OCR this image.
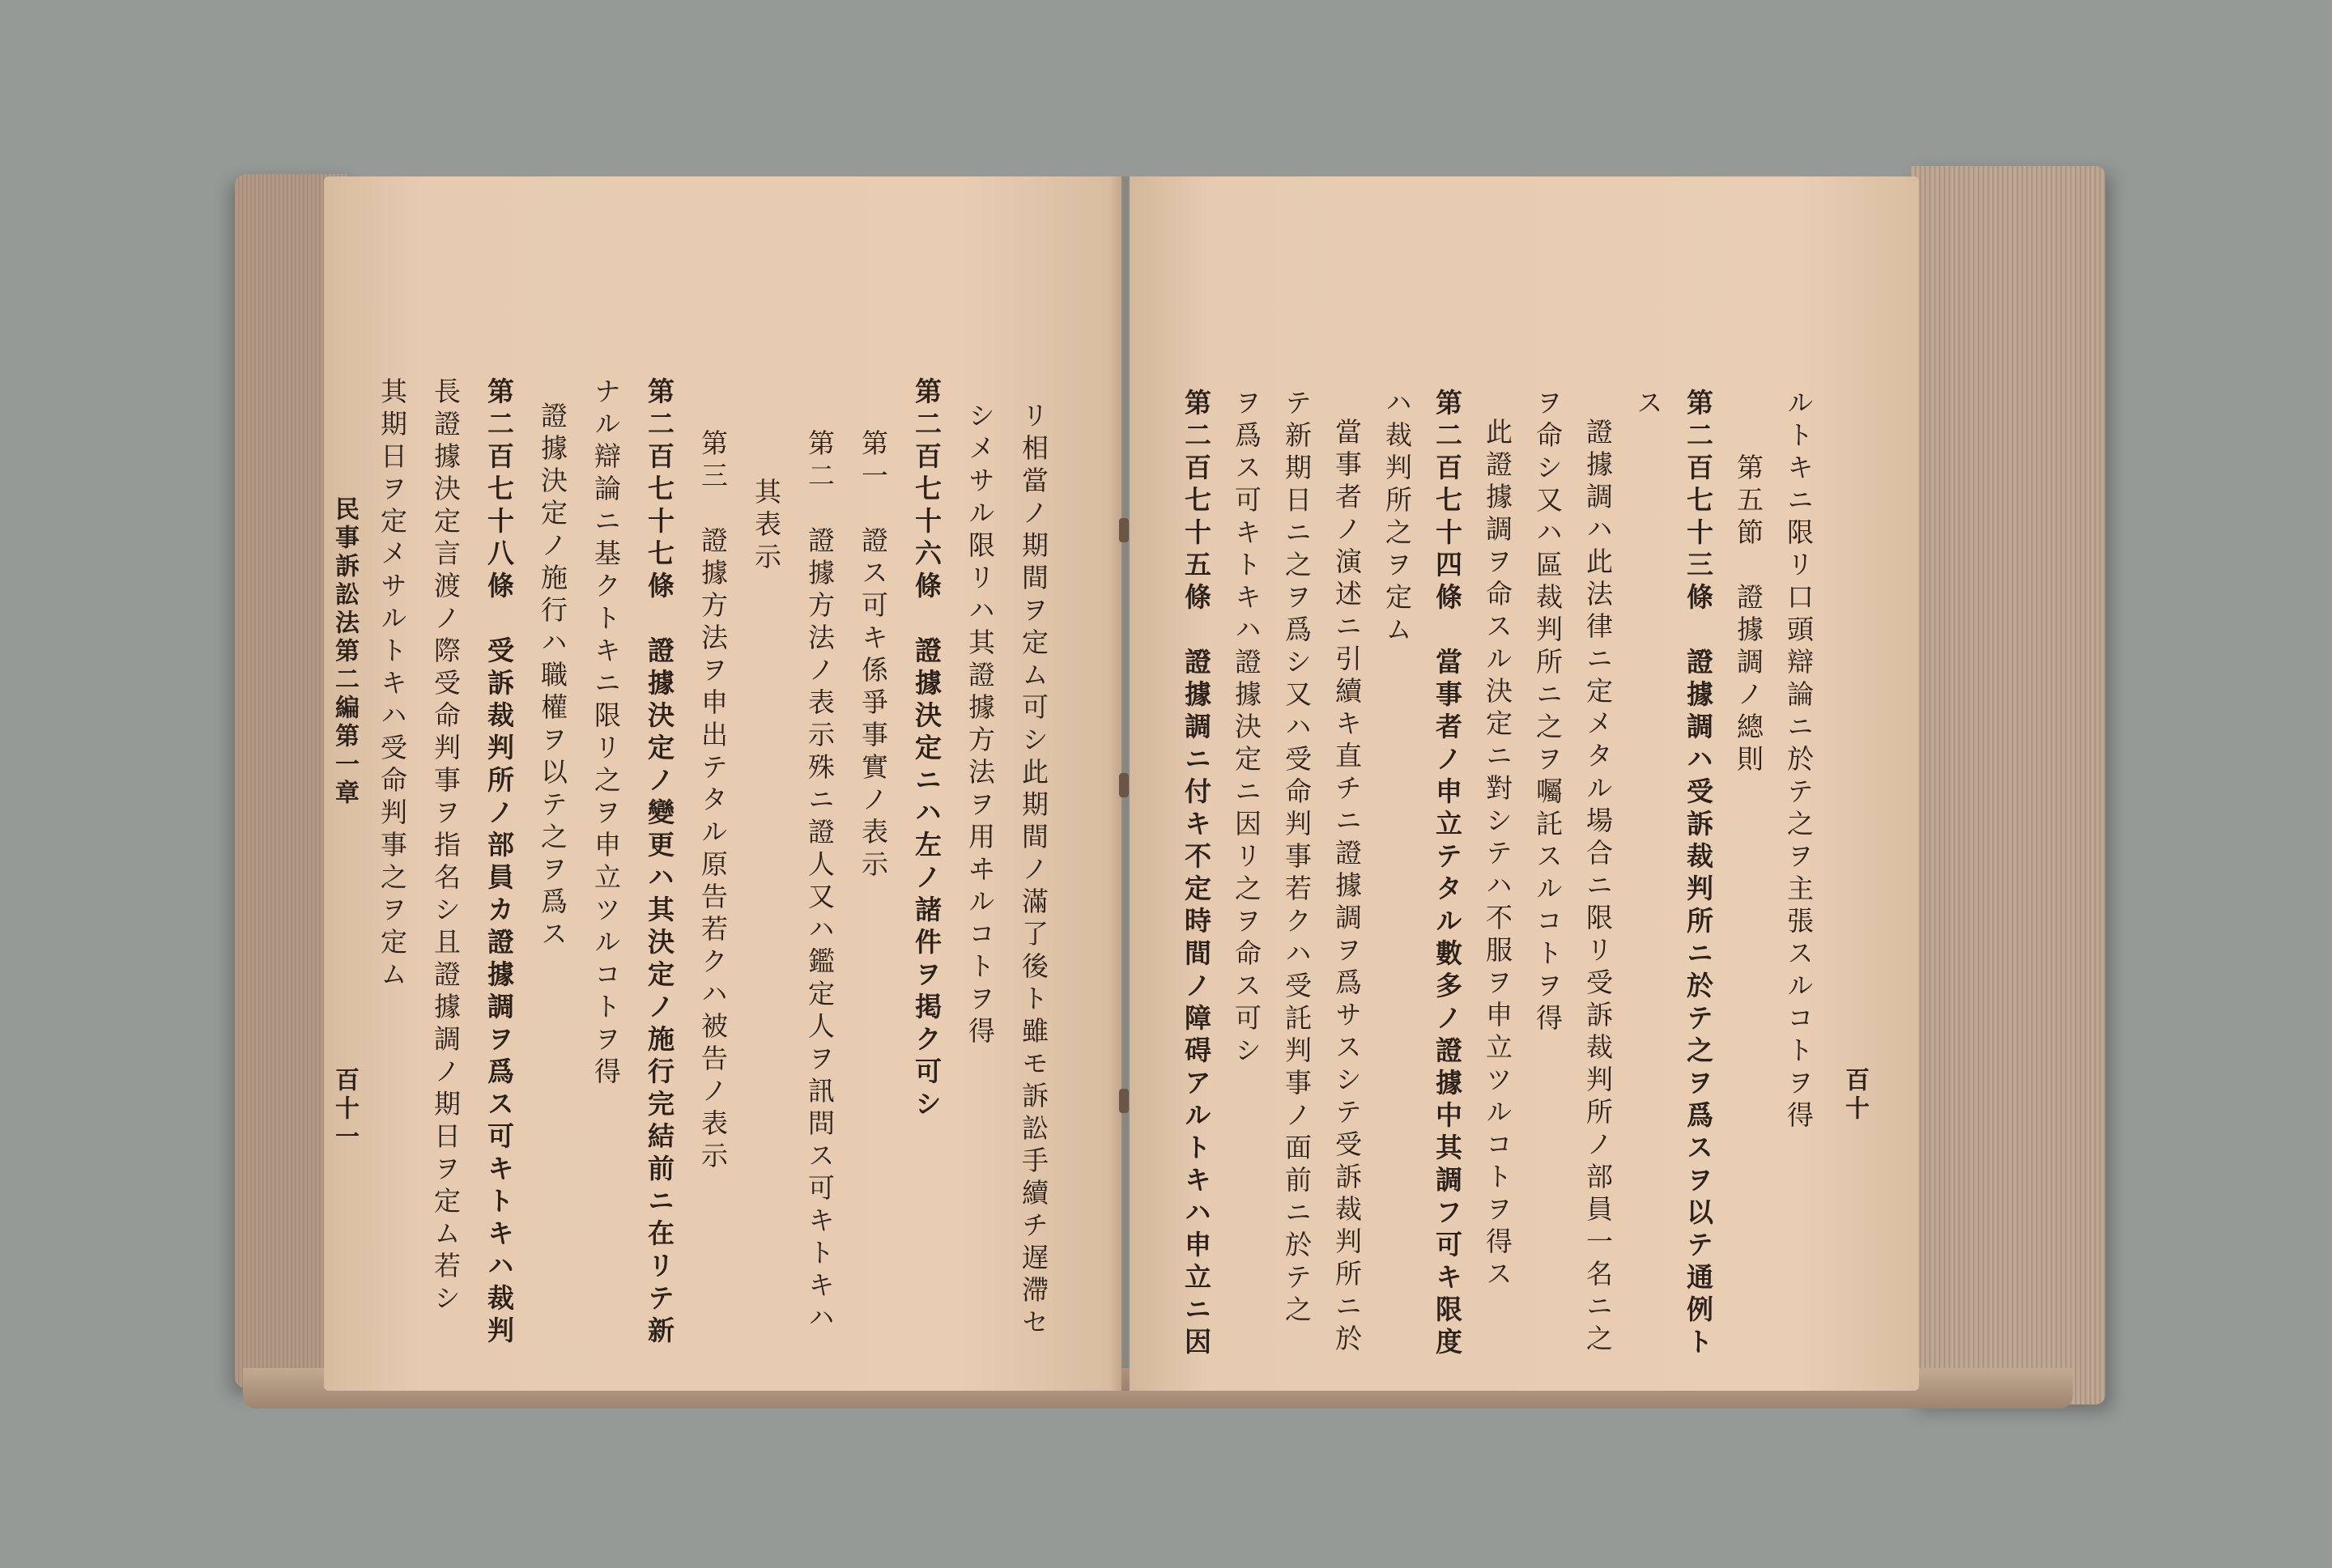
リ相當ノ期間ヲ定ム可シ此期間ノ滿了後ト雖モ訴訟手續チ遅滯セ
シメサル限リハ其證據方法ヲ用ヰルコトヲ得
第二百七十六條　證據決定ニハ左ノ諸件ヲ掲ク可シ
第一　證ス可キ係爭事實ノ表示
第二　證據方法ノ表示殊ニ證人又ハ鑑定人ヲ訊問ス可キトキハ
其表示
第三　證據方法ヲ申出テタル原告若クハ被告ノ表示
第二百七十七條　證據決定ノ變更ハ其決定ノ施行完結前ニ在リテ新
ナル辯論ニ基クトキニ限リ之ヲ申立ツルコトヲ得
證據決定ノ施行ハ職權ヲ以テ之ヲ爲ス
第二百七十八條　受訴裁判所ノ部員カ證據調ヲ爲ス可キトキハ裁判
長證據決定言渡ノ際受命判事ヲ指名シ且證據調ノ期日ヲ定ム若シ
其期日ヲ定メサルトキハ受命判事之ヲ定ム
民事訴訟法第二編第一章
百十一	百十
ルトキニ限リ口頭辯論ニ於テ之ヲ主張スルコトヲ得
第五節　證據調ノ總則
第二百七十三條　證據調ハ受訴裁判所ニ於テ之ヲ爲スヲ以テ通例ト
ス
證據調ハ此法律ニ定メタル場合ニ限リ受訴裁判所ノ部員一名ニ之
ヲ命シ又ハ區裁判所ニ之ヲ囑託スルコトヲ得
此證據調ヲ命スル決定ニ對シテハ不服ヲ申立ツルコトヲ得ス
第二百七十四條　當事者ノ申立テタル數多ノ證據中其調フ可キ限度
ハ裁判所之ヲ定ム
當事者ノ演述ニ引續キ直チニ證據調ヲ爲サスシテ受訴裁判所ニ於
テ新期日ニ之ヲ爲シ又ハ受命判事若クハ受託判事ノ面前ニ於テ之
ヲ爲ス可キトキハ證據決定ニ因リ之ヲ命ス可シ
第二百七十五條　證據調ニ付キ不定時間ノ障碍アルトキハ申立ニ因
